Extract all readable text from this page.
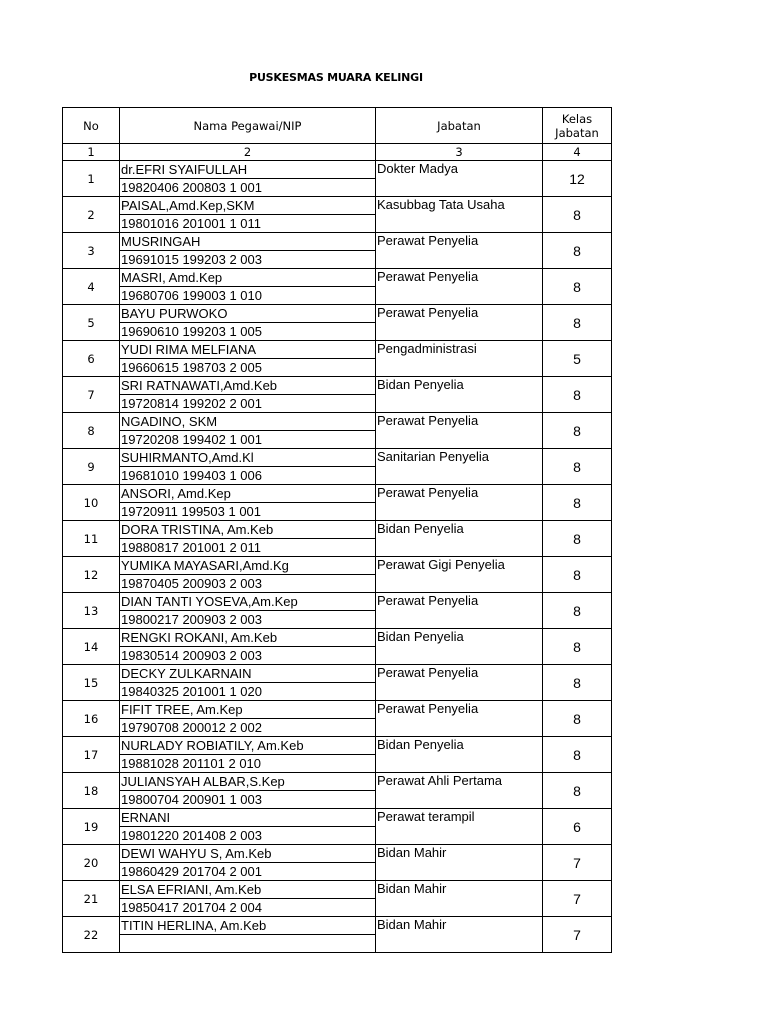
PUSKESMAS MUARA KELINGI
No	Nama Pegawai/NIP	Jabatan	Kelas Jabatan
1	2	3	4
1	dr.EFRI SYAIFULLAH	Dokter Madya	12
	19820406 200803 1 001		
2	PAISAL,Amd.Kep,SKM	Kasubbag Tata Usaha	8
	19801016 201001 1 011		
3	MUSRINGAH	Perawat Penyelia	8
	19691015 199203 2 003		
4	MASRI, Amd.Kep	Perawat Penyelia	8
	19680706 199003 1 010		
5	BAYU PURWOKO	Perawat Penyelia	8
	19690610 199203 1 005		
6	YUDI RIMA MELFIANA	Pengadministrasi	5
	19660615 198703 2 005		
7	SRI RATNAWATI,Amd.Keb	Bidan Penyelia	8
	19720814 199202 2 001		
8	NGADINO, SKM	Perawat Penyelia	8
	19720208 199402 1 001		
9	SUHIRMANTO,Amd.Kl	Sanitarian Penyelia	8
	19681010 199403 1 006		
10	ANSORI, Amd.Kep	Perawat Penyelia	8
	19720911 199503 1 001		
11	DORA TRISTINA, Am.Keb	Bidan Penyelia	8
	19880817 201001 2 011		
12	YUMIKA MAYASARI,Amd.Kg	Perawat Gigi Penyelia	8
	19870405 200903 2 003		
13	DIAN TANTI YOSEVA,Am.Kep	Perawat Penyelia	8
	19800217 200903 2 003		
14	RENGKI ROKANI, Am.Keb	Bidan Penyelia	8
	19830514 200903 2 003		
15	DECKY ZULKARNAIN	Perawat Penyelia	8
	19840325 201001 1 020		
16	FIFIT TREE, Am.Kep	Perawat Penyelia	8
	19790708 200012 2 002		
17	NURLADY ROBIATILY, Am.Keb	Bidan Penyelia	8
	19881028 201101 2 010		
18	JULIANSYAH ALBAR,S.Kep	Perawat Ahli Pertama	8
	19800704 200901 1 003		
19	ERNANI	Perawat terampil	6
	19801220 201408 2 003		
20	DEWI WAHYU S, Am.Keb	Bidan Mahir	7
	19860429 201704 2 001		
21	ELSA EFRIANI, Am.Keb	Bidan Mahir	7
	19850417 201704 2 004		
22	TITIN HERLINA, Am.Keb	Bidan Mahir	7
